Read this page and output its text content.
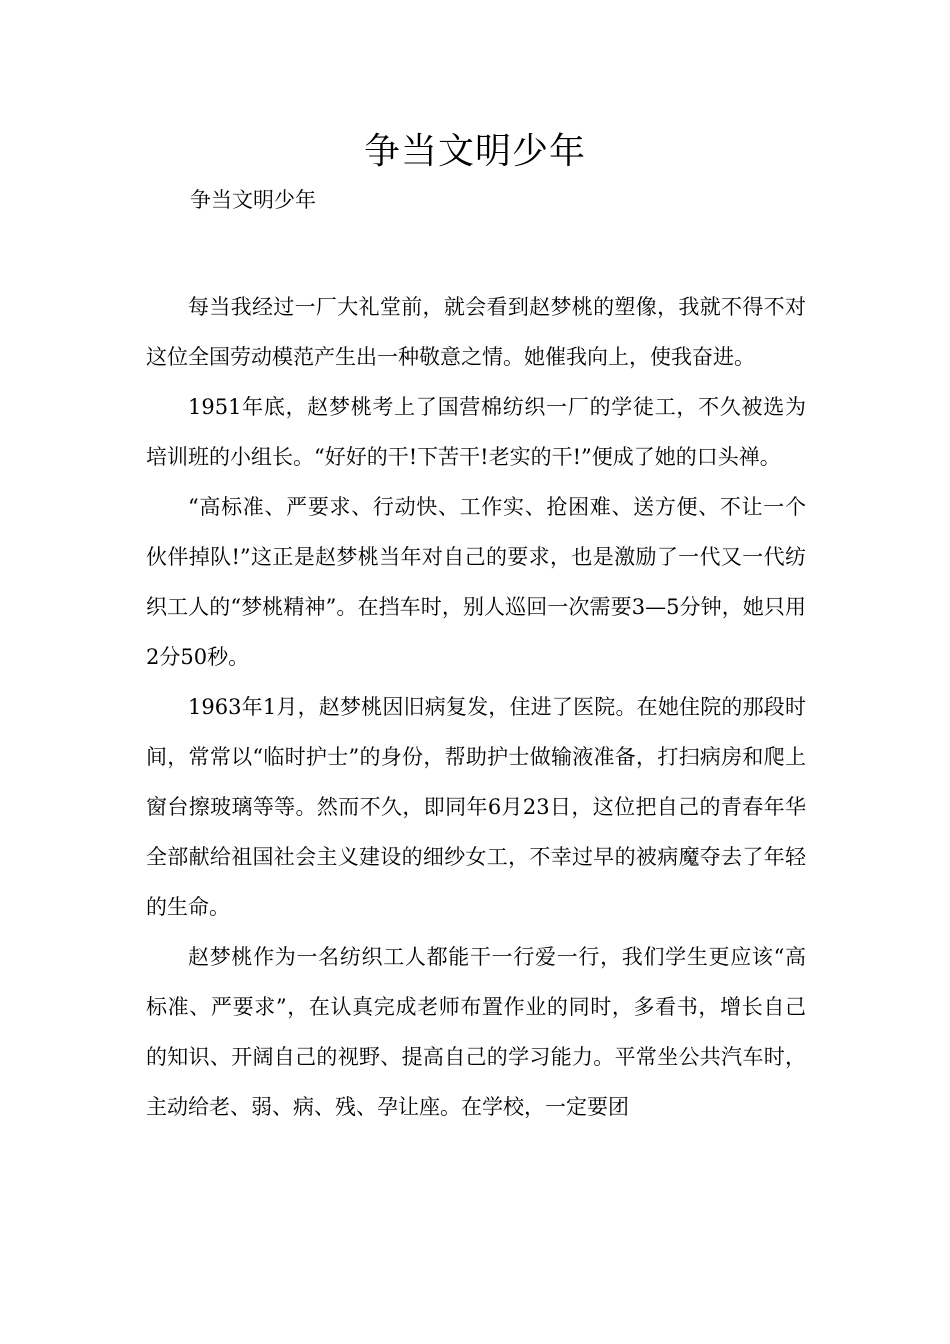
争当文明少年
争当文明少年

每当我经过一厂大礼堂前，就会看到赵梦桃的塑像，我就不得不对这位全国劳动模范产生出一种敬意之情。她催我向上，使我奋进。

1951年底，赵梦桃考上了国营棉纺织一厂的学徒工，不久被选为培训班的小组长。“好好的干!下苦干!老实的干!”便成了她的口头禅。

“高标准、严要求、行动快、工作实、抢困难、送方便、不让一个伙伴掉队!”这正是赵梦桃当年对自己的要求，也是激励了一代又一代纺织工人的“梦桃精神”。在挡车时，别人巡回一次需要3—5分钟，她只用2分50秒。

1963年1月，赵梦桃因旧病复发，住进了医院。在她住院的那段时间，常常以“临时护士”的身份，帮助护士做输液准备，打扫病房和爬上窗台擦玻璃等等。然而不久，即同年6月23日，这位把自己的青春年华全部献给祖国社会主义建设的细纱女工，不幸过早的被病魔夺去了年轻的生命。

赵梦桃作为一名纺织工人都能干一行爱一行，我们学生更应该“高标准、严要求”，在认真完成老师布置作业的同时，多看书，增长自己的知识、开阔自己的视野、提高自己的学习能力。平常坐公共汽车时，主动给老、弱、病、残、孕让座。在学校，一定要团
